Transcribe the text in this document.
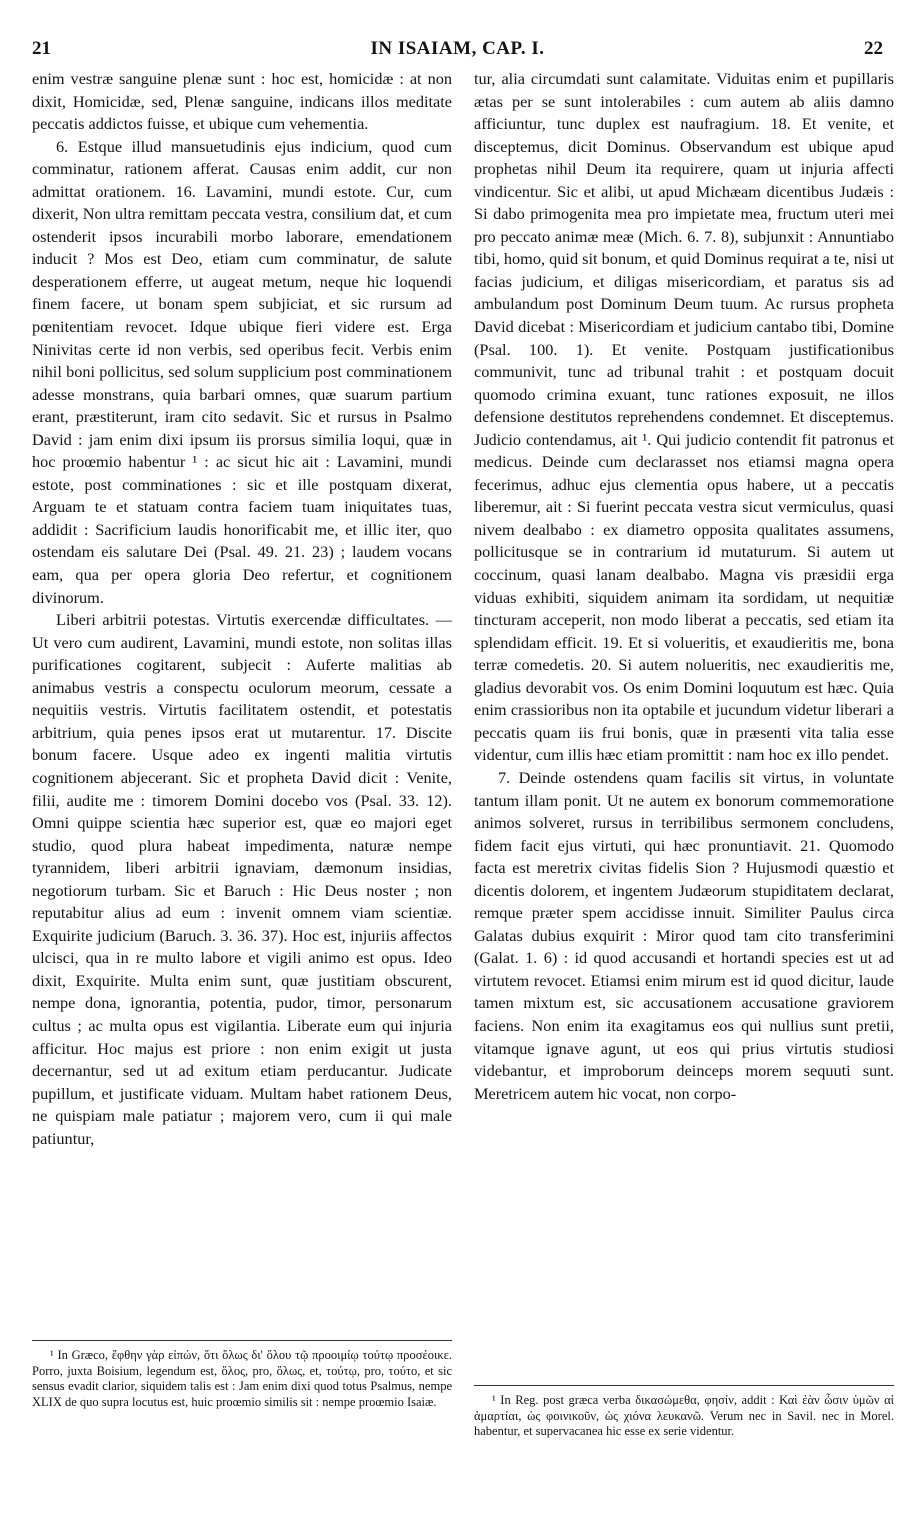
21	IN ISAIAM, CAP. I.	22

enim vestræ sanguine plenæ sunt : hoc est, homicidæ : at non dixit, Homicidæ, sed, Plenæ sanguine, indicans illos meditate peccatis addictos fuisse, et ubique cum vehementia.

6. Estque illud mansuetudinis ejus indicium, quod cum comminatur, rationem afferat. Causas enim addit, cur non admittat orationem. 16. Lavamini, mundi estote. Cur, cum dixerit, Non ultra remittam peccata vestra, consilium dat, et cum ostenderit ipsos incurabili morbo laborare, emendationem inducit ? Mos est Deo, etiam cum comminatur, de salute desperationem efferre, ut augeat metum, neque hic loquendi finem facere, ut bonam spem subjiciat, et sic rursum ad pœnitentiam revocet. Idque ubique fieri videre est. Erga Ninivitas certe id non verbis, sed operibus fecit. Verbis enim nihil boni pollicitus, sed solum supplicium post comminationem adesse monstrans, quia barbari omnes, quæ suarum partium erant, præstiterunt, iram cito sedavit. Sic et rursus in Psalmo David : jam enim dixi ipsum iis prorsus similia loqui, quæ in hoc proœmio habentur ¹ : ac sicut hic ait : Lavamini, mundi estote, post comminationes : sic et ille postquam dixerat, Arguam te et statuam contra faciem tuam iniquitates tuas, addidit : Sacrificium laudis honorificabit me, et illic iter, quo ostendam eis salutare Dei (Psal. 49. 21. 23) ; laudem vocans eam, qua per opera gloria Deo refertur, et cognitionem divinorum.

Liberi arbitrii potestas. Virtutis exercendæ difficultates. — Ut vero cum audirent, Lavamini, mundi estote, non solitas illas purificationes cogitarent, subjecit : Auferte malitias ab animabus vestris a conspectu oculorum meorum, cessate a nequitiis vestris. Virtutis facilitatem ostendit, et potestatis arbitrium, quia penes ipsos erat ut mutarentur. 17. Discite bonum facere. Usque adeo ex ingenti malitia virtutis cognitionem abjecerant. Sic et propheta David dicit : Venite, filii, audite me : timorem Domini docebo vos (Psal. 33. 12). Omni quippe scientia hæc superior est, quæ eo majori eget studio, quod plura habeat impedimenta, naturæ nempe tyrannidem, liberi arbitrii ignaviam, dæmonum insidias, negotiorum turbam. Sic et Baruch : Hic Deus noster ; non reputabitur alius ad eum : invenit omnem viam scientiæ. Exquirite judicium (Baruch. 3. 36. 37). Hoc est, injuriis affectos ulcisci, qua in re multo labore et vigili animo est opus. Ideo dixit, Exquirite. Multa enim sunt, quæ justitiam obscurent, nempe dona, ignorantia, potentia, pudor, timor, personarum cultus ; ac multa opus est vigilantia. Liberate eum qui injuria afficitur. Hoc majus est priore : non enim exigit ut justa decernantur, sed ut ad exitum etiam perducantur. Judicate pupillum, et justificate viduam. Multam habet rationem Deus, ne quispiam male patiatur ; majorem vero, cum ii qui male patiuntur,

tur, alia circumdati sunt calamitate. Viduitas enim et pupillaris ætas per se sunt intolerabiles : cum autem ab aliis damno afficiuntur, tunc duplex est naufragium. 18. Et venite, et disceptemus, dicit Dominus. Observandum est ubique apud prophetas nihil Deum ita requirere, quam ut injuria affecti vindicentur. Sic et alibi, ut apud Michæam dicentibus Judæis : Si dabo primogenita mea pro impietate mea, fructum uteri mei pro peccato animæ meæ (Mich. 6. 7. 8), subjunxit : Annuntiabo tibi, homo, quid sit bonum, et quid Dominus requirat a te, nisi ut facias judicium, et diligas misericordiam, et paratus sis ad ambulandum post Dominum Deum tuum. Ac rursus propheta David dicebat : Misericordiam et judicium cantabo tibi, Domine (Psal. 100. 1). Et venite. Postquam justificationibus communivit, tunc ad tribunal trahit : et postquam docuit quomodo crimina exuant, tunc rationes exposuit, ne illos defensione destitutos reprehendens condemnet. Et disceptemus. Judicio contendamus, ait ¹. Qui judicio contendit fit patronus et medicus. Deinde cum declarasset nos etiamsi magna opera fecerimus, adhuc ejus clementia opus habere, ut a peccatis liberemur, ait : Si fuerint peccata vestra sicut vermiculus, quasi nivem dealbabo : ex diametro opposita qualitates assumens, pollicitusque se in contrarium id mutaturum. Si autem ut coccinum, quasi lanam dealbabo. Magna vis præsidii erga viduas exhibiti, siquidem animam ita sordidam, ut nequitiæ tincturam acceperit, non modo liberat a peccatis, sed etiam ita splendidam efficit. 19. Et si volueritis, et exaudieritis me, bona terræ comedetis. 20. Si autem nolueritis, nec exaudieritis me, gladius devorabit vos. Os enim Domini loquutum est hæc. Quia enim crassioribus non ita optabile et jucundum videtur liberari a peccatis quam iis frui bonis, quæ in præsenti vita talia esse videntur, cum illis hæc etiam promittit : nam hoc ex illo pendet.

7. Deinde ostendens quam facilis sit virtus, in voluntate tantum illam ponit. Ut ne autem ex bonorum commemoratione animos solveret, rursus in terribilibus sermonem concludens, fidem facit ejus virtuti, qui hæc pronuntiavit. 21. Quomodo facta est meretrix civitas fidelis Sion ? Hujusmodi quæstio et dicentis dolorem, et ingentem Judæorum stupiditatem declarat, remque præter spem accidisse innuit. Similiter Paulus circa Galatas dubius exquirit : Miror quod tam cito transferimini (Galat. 1. 6) : id quod accusandi et hortandi species est ut ad virtutem revocet. Etiamsi enim mirum est id quod dicitur, laude tamen mixtum est, sic accusationem accusatione graviorem faciens. Non enim ita exagitamus eos qui nullius sunt pretii, vitamque ignave agunt, ut eos qui prius virtutis studiosi videbantur, et improborum deinceps morem sequuti sunt. Meretricem autem hic vocat, non corpo-

¹ In Græco, ἔφθην γὰρ εἰπών, ὅτι ὅλως δι' ὅλου τῷ προοιμίῳ τούτῳ προσέοικε. Porro, juxta Boisium, legendum est, ὅλος, pro, ὅλως, et, τούτῳ, pro, τούτο, et sic sensus evadit clarior, siquidem talis est : Jam enim dixi quod totus Psalmus, nempe XLIX de quo supra locutus est, huic proœmio similis sit : nempe proœmio Isaiæ.	¹ In Reg. post græca verba δικασώμεθα, φησίν, addit : Καὶ ἐὰν ὦσιν ὑμῶν αἱ ἁμαρτίαι, ὡς φοινικοῦν, ὡς χιόνα λευκανῶ. Verum nec in Savil. nec in Morel. habentur, et supervacanea hic esse ex serie videntur.
